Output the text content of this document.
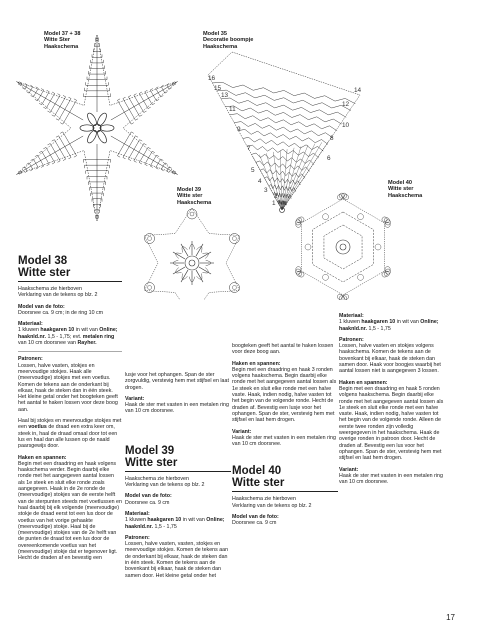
Model 37 + 38
Witte Ster
Haakschema
Model 35
Decoratie boompje
Haakschema
Model 39
Witte ster
Haakschema
Model 40
Witte ster
Haakschema
16
15	14
13
12
11
10
9
8
7
6
5
4
3
2
1
Model 38
Witte ster

Haakschema zie hierboven
Verklaring van de tekens op blz. 2

Model van de foto:
Doorsnee ca. 9 cm; in de ring 10 cm

Materiaal:
1 kluwen haakgaren 10 in wit van Online; haaknld.nr. 1,5 - 1,75; evt. metalen ring van 10 cm doorsnee van Rayher.

Patronen:
Lossen, halve vasten, stokjes en meervoudige stokjes. Haak alle (meervoudige) stokjes met een voetlus. Komen de tekens aan de onderkant bij elkaar, haak de steken dan in één steek. Het kleine getal onder het boogteken geeft het aantal te haken lossen voor deze boog aan.

Haal bij stokjes en meervoudige stokjes met een voetlus de draad een extra keer om, steek in, haal de draad omaal door tot een lus en haal dan alle lussen op de naald paarsgewijs door.

Haken en spannen:
Begin met een draadring en haak volgens haakschema verder. Begin daarbij elke ronde met het aangegeven aantal lossen als 1e steek en sluit elke ronde zoals aangegeven. Haak in de 2e ronde de (meervoudige) stokjes van de eerste helft van de sterpunten steeds met voetlussen en haal daarbij bij elk volgende (meervoudige) stokje de draad eerst tot een lus door de voetlus van het vorige gehaakte (meervoudige) stokje. Haal bij de (meervoudige) stokjes van de 2e helft van de punten de draad tot een lus door de overeenkomende voetlus van het (meervoudige) stokje dat er tegenover ligt. Hecht de draden af en bevestig een

lusje voor het ophangen. Span de ster zorgvuldig, verstevig hem met stijfsel en laat drogen.

Variant:
Haak de ster met vasten in een metalen ring van 10 cm doorsnee.

Model 39
Witte ster

Haakschema zie hierboven
Verklaring van de tekens op blz. 2

Model van de foto:
Doorsnee ca. 9 cm

Materiaal:
1 kluwen haakgaren 10 in wit van Online; haaknld.nr. 1,5 - 1,75

Patronen:
Lossen, halve vasten, vasten, stokjes en meervoudige stokjes. Komen de tekens aan de onderkant bij elkaar, haak de steken dan in één steek. Komen de tekens aan de bovenkant bij elkaar, haak de steken dan samen door. Het kleine getal onder het

boogteken geeft het aantal te haken lossen voor deze boog aan.

Haken en spannen:
Begin met een draadring en haak 3 ronden volgens haakschema. Begin daarbij elke ronde met het aangegeven aantal lossen als 1e steek en sluit elke ronde met een halve vaste. Haak, indien nodig, halve vasten tot het begin van de volgende ronde. Hecht de draden af. Bevestig een lusje voor het ophangen. Span de ster, verstevig hem met stijfsel en laat hem drogen.

Variant:
Haak de ster met vasten in een metalen ring van 10 cm doorsnee.

Model 40
Witte ster

Haakschema zie hierboven
Verklaring van de tekens op blz. 2

Model van de foto:
Doorsnee ca. 9 cm

Materiaal:
1 kluwen haakgaren 10 in wit van Online; haaknld.nr. 1,5 - 1,75

Patronen:
Lossen, halve vasten en stokjes volgens haakschema. Komen de tekens aan de bovenkant bij elkaar, haak de steken dan samen door. Haak voor boogjes waarbij het aantal lossen niet is aangegeven 3 lossen.

Haken en spannen:
Begin met een draadring en haak 5 ronden volgens haakschema. Begin daarbij elke ronde met het aangegeven aantal lossen als 1e steek en sluit elke ronde met een halve vaste. Haak, indien nodig, halve vasten tot het begin van de volgende ronde. Alleen de eerste twee ronden zijn volledig weergegeven in het haakschema. Haak de overige ronden in patroon door. Hecht de draden af. Bevestig een lus voor het ophangen. Span de ster, verstevig hem met stijfsel en laat hem drogen.

Variant:
Haak de ster met vasten in een metalen ring van 10 cm doorsnee.

17
